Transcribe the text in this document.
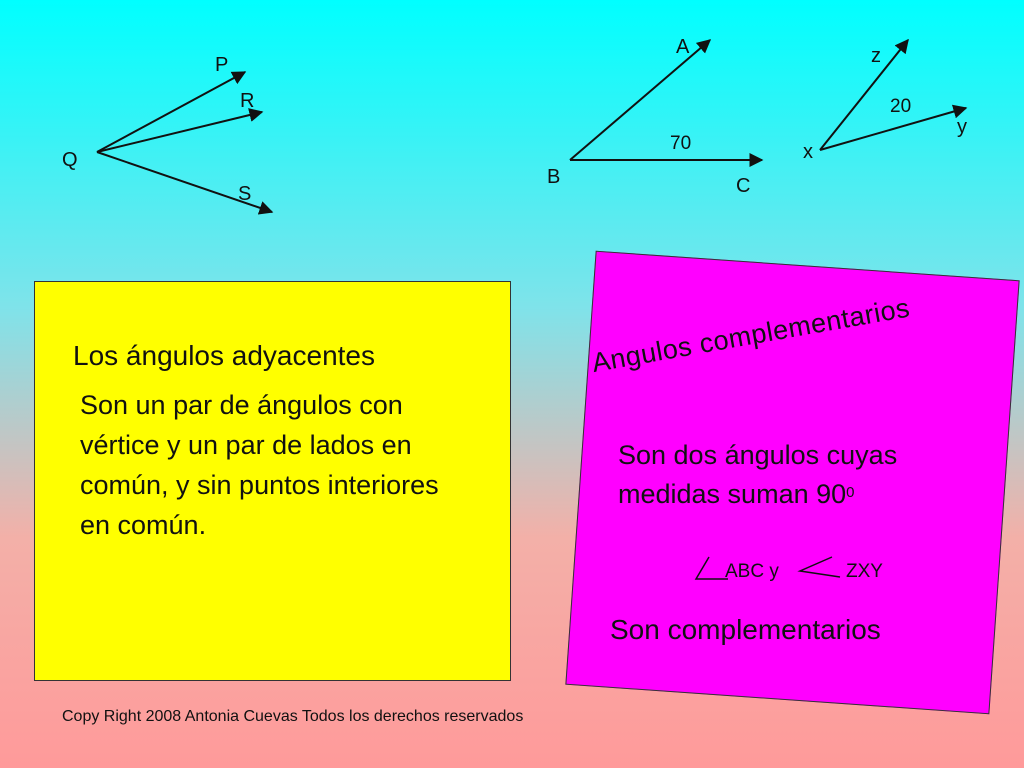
Q
P
R
S
A
B	C
70	x
z
y
20

Los ángulos adyacentes

Son un par de ángulos con vértice y un par de lados en común, y sin puntos interiores en común.

Angulos complementarios

Son dos ángulos cuyas medidas suman $90^0$

ABC y	ZXY
Son complementarios
Copy Right 2008 Antonia Cuevas Todos los derechos reservados
